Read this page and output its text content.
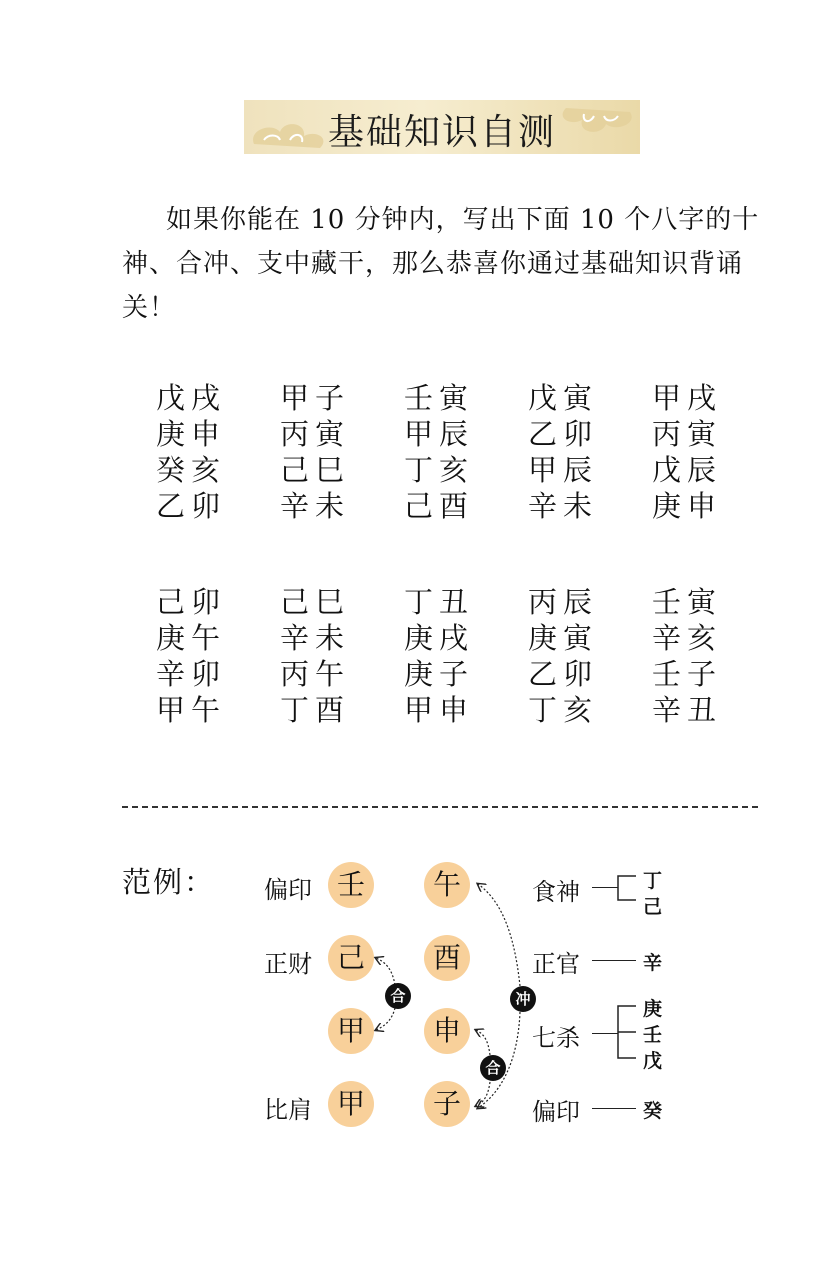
基础知识自测

如果你能在 10 分钟内，写出下面 10 个八字的十神、合冲、支中藏干，那么恭喜你通过基础知识背诵关！

戊戌	甲子	壬寅	戊寅	甲戌
庚申	丙寅	甲辰	乙卯	丙寅
癸亥	己巳	丁亥	甲辰	戊辰
乙卯	辛未	己酉	辛未	庚申
己卯	己巳	丁丑	丙辰	壬寅
庚午	辛未	庚戌	庚寅	辛亥
辛卯	丙午	庚子	乙卯	壬子
甲午	丁酉	甲申	丁亥	辛丑
范例： 偏印
正财
比肩
壬
己
甲
甲
午
酉
申
子
合	冲
合
食神
正官
七杀
偏印
丁
己
辛
庚
壬
戊
癸
